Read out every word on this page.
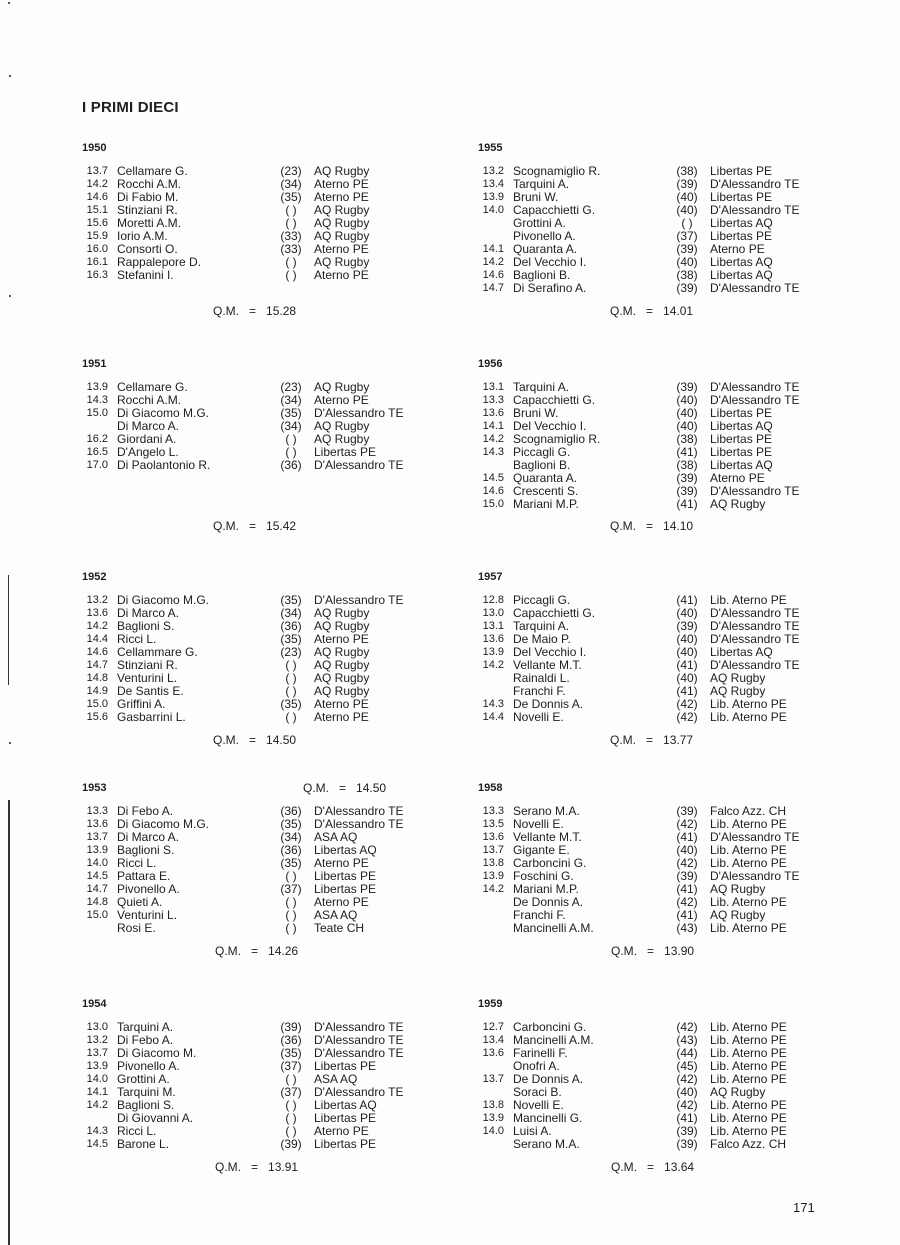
I PRIMI DIECI
1950
13.7 Cellamare G.	(23) AQ Rugby
14.2 Rocchi A.M.	(34) Aterno PE
14.6 Di Fabio M.	(35) Aterno PE
15.1 Stinziani R.	( )	AQ Rugby
15.6 Moretti A.M.	( )	AQ Rugby
15.9 Iorio A.M.	(33) AQ Rugby
16.0 Consorti O.	(33) Aterno PE
16.1 Rappalepore D.	( )	AQ Rugby
16.3 Stefanini I.	( )	Aterno PE
Q.M. = 15.28
1955
13.2 Scognamiglio R.	(38) Libertas PE
13.4 Tarquini A.	(39) D'Alessandro TE
13.9 Bruni W.	(40) Libertas PE
14.0 Capacchietti G.	(40) D'Alessandro TE
Grottini A.	( )	Libertas AQ
Pivonello A.	(37) Libertas PE
14.1 Quaranta A.	(39) Aterno PE
14.2 Del Vecchio I.	(40) Libertas AQ
14.6 Baglioni B.	(38) Libertas AQ
14.7 Di Serafino A.	(39) D'Alessandro TE
Q.M. = 14.01
1951
13.9 Cellamare G.	(23) AQ Rugby
14.3 Rocchi A.M.	(34) Aterno PE
15.0 Di Giacomo M.G.	(35) D'Alessandro TE
Di Marco A.	(34) AQ Rugby
16.2 Giordani A.	( )	AQ Rugby
16.5 D'Angelo L.	( )	Libertas PE
17.0 Di Paolantonio R.	(36) D'Alessandro TE
Q.M. = 15.42
1956
13.1 Tarquini A.	(39) D'Alessandro TE
13.3 Capacchietti G.	(40) D'Alessandro TE
13.6 Bruni W.	(40) Libertas PE
14.1 Del Vecchio I.	(40) Libertas AQ
14.2 Scognamiglio R.	(38) Libertas PE
14.3 Piccagli G.	(41) Libertas PE
Baglioni B.	(38) Libertas AQ
14.5 Quaranta A.	(39) Aterno PE
14.6 Crescenti S.	(39) D'Alessandro TE
15.0 Mariani M.P.	(41) AQ Rugby
Q.M. = 14.10
1952
13.2 Di Giacomo M.G.	(35) D'Alessandro TE
13.6 Di Marco A.	(34) AQ Rugby
14.2 Baglioni S.	(36) AQ Rugby
14.4 Ricci L.	(35) Aterno PE
14.6 Cellammare G.	(23) AQ Rugby
14.7 Stinziani R.	( )	AQ Rugby
14.8 Venturini L.	( )	AQ Rugby
14.9 De Santis E.	( )	AQ Rugby
15.0 Griffini A.	(35) Aterno PE
15.6 Gasbarrini L.	( )	Aterno PE
Q.M. = 14.50
1957
12.8 Piccagli G.	(41) Lib. Aterno PE
13.0 Capacchietti G.	(40) D'Alessandro TE
13.1 Tarquini A.	(39) D'Alessandro TE
13.6 De Maio P.	(40) D'Alessandro TE
13.9 Del Vecchio I.	(40) Libertas AQ
14.2 Vellante M.T.	(41) D'Alessandro TE
Rainaldi L.	(40) AQ Rugby
Franchi F.	(41) AQ Rugby
14.3 De Donnis A.	(42) Lib. Aterno PE
14.4 Novelli E.	(42) Lib. Aterno PE
Q.M. = 13.77
1953
13.3 Di Febo A.	(36) D'Alessandro TE
13.6 Di Giacomo M.G.	(35) D'Alessandro TE
13.7 Di Marco A.	(34) ASA AQ
13.9 Baglioni S.	(36) Libertas AQ
14.0 Ricci L.	(35) Aterno PE
14.5 Pattara E.	( )	Libertas PE
14.7 Pivonello A.	(37) Libertas PE
14.8 Quieti A.	( )	Aterno PE
15.0 Venturini L.	( )	ASA AQ
Rosi E.	( )	Teate CH
Q.M. = 14.26
Q.M. = 14.50	1958
13.3 Serano M.A.	(39) Falco Azz. CH
13.5 Novelli E.	(42) Lib. Aterno PE
13.6 Vellante M.T.	(41) D'Alessandro TE
13.7 Gigante E.	(40) Lib. Aterno PE
13.8 Carboncini G.	(42) Lib. Aterno PE
13.9 Foschini G.	(39) D'Alessandro TE
14.2 Mariani M.P.	(41) AQ Rugby
De Donnis A.	(42) Lib. Aterno PE
Franchi F.	(41) AQ Rugby
Mancinelli A.M.	(43) Lib. Aterno PE
Q.M. = 13.90
1954
13.0 Tarquini A.	(39) D'Alessandro TE
13.2 Di Febo A.	(36) D'Alessandro TE
13.7 Di Giacomo M.	(35) D'Alessandro TE
13.9 Pivonello A.	(37) Libertas PE
14.0 Grottini A.	( )	ASA AQ
14.1 Tarquini M.	(37) D'Alessandro TE
14.2 Baglioni S.	( )	Libertas AQ
Di Giovanni A.	( )	Libertas PE
14.3 Ricci L.	( )	Aterno PE
14.5 Barone L.	(39) Libertas PE
Q.M. = 13.91
1959
12.7 Carboncini G.	(42) Lib. Aterno PE
13.4 Mancinelli A.M.	(43) Lib. Aterno PE
13.6 Farinelli F.	(44) Lib. Aterno PE
Onofri A.	(45) Lib. Aterno PE
13.7 De Donnis A.	(42) Lib. Aterno PE
Soraci B.	(40) AQ Rugby
13.8 Novelli E.	(42) Lib. Aterno PE
13.9 Mancinelli G.	(41) Lib. Aterno PE
14.0 Luisi A.	(39) Lib. Aterno PE
Serano M.A.	(39) Falco Azz. CH
Q.M. = 13.64
171
